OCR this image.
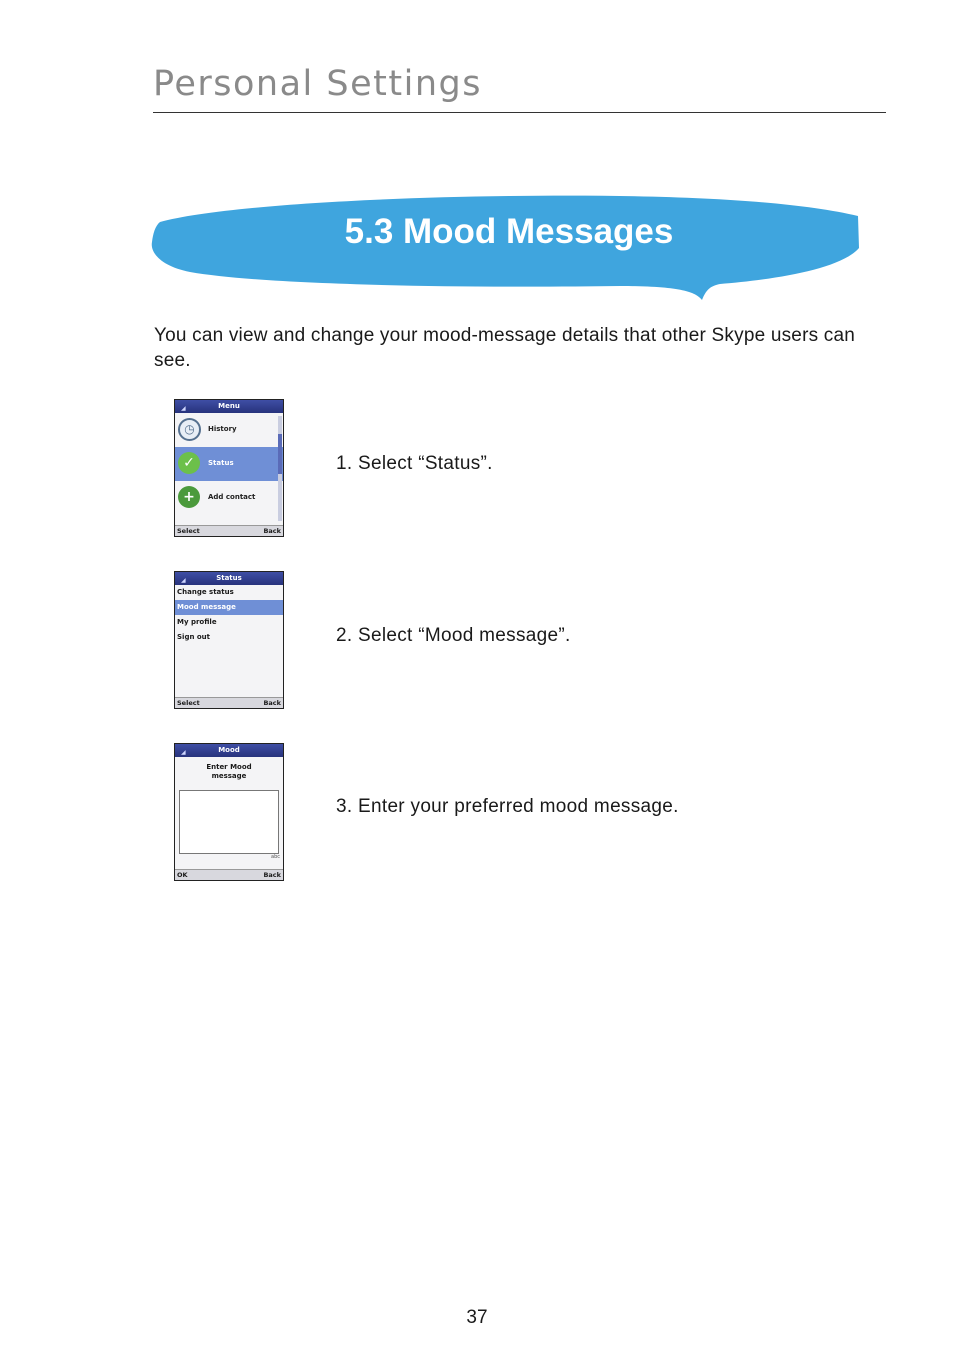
Personal Settings
5.3 Mood Messages

You can view and change your mood-message details that other Skype users can see.

◢	Menu
◷	History
✓	Status
+	Add contact
Select	Back

1. Select “Status”.

◢	Status
Change status
Mood message
My profile
Sign out
Select	Back

2. Select “Mood message”.

◢	Mood
Enter Mood
message
abc
OK	Back

3. Enter your preferred mood message.

37
